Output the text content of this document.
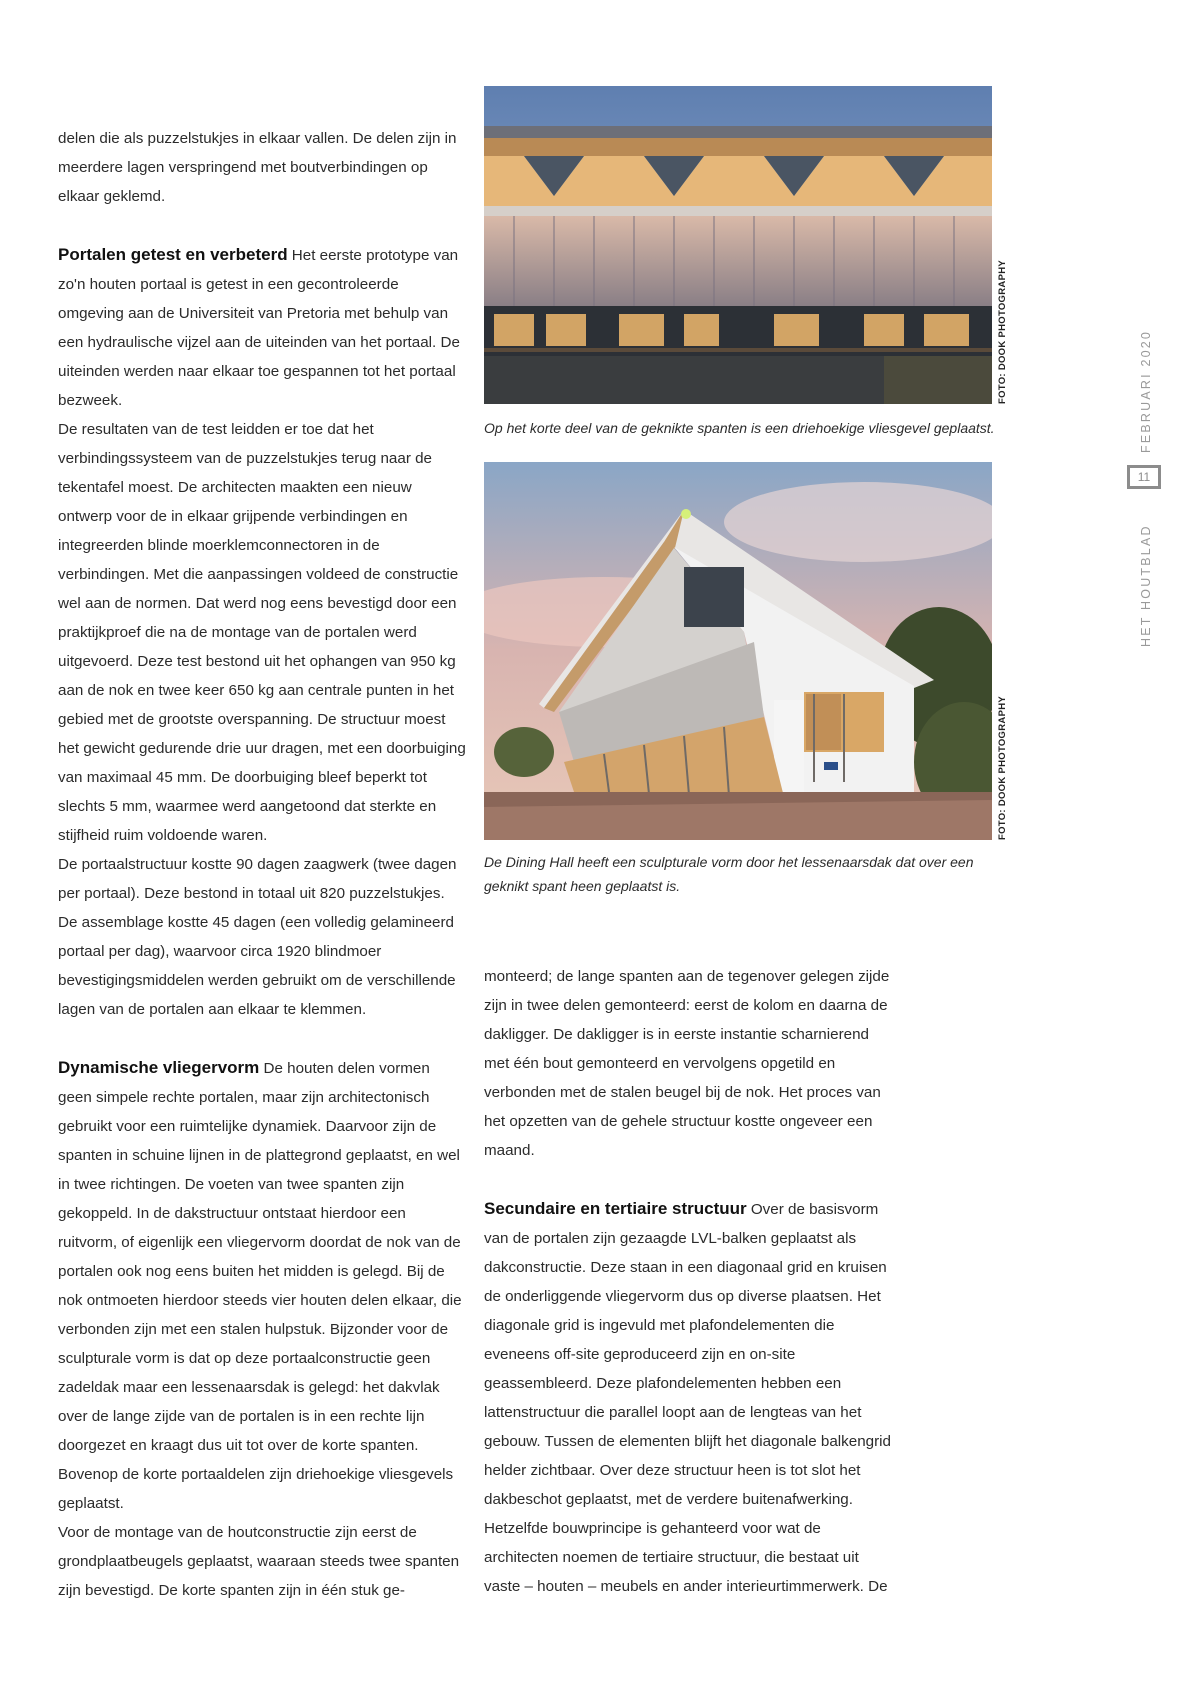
delen die als puzzelstukjes in elkaar vallen. De delen zijn in meerdere lagen verspringend met boutverbindingen op elkaar geklemd.

Portalen getest en verbeterd Het eerste prototype van zo'n houten portaal is getest in een gecontroleerde omgeving aan de Universiteit van Pretoria met behulp van een hydraulische vijzel aan de uiteinden van het portaal. De uiteinden werden naar elkaar toe gespannen tot het portaal bezweek.

De resultaten van de test leidden er toe dat het verbindingssysteem van de puzzelstukjes terug naar de tekentafel moest. De architecten maakten een nieuw ontwerp voor de in elkaar grijpende verbindingen en integreerden blinde moerklemconnectoren in de verbindingen. Met die aanpassingen voldeed de constructie wel aan de normen. Dat werd nog eens bevestigd door een praktijkproef die na de montage van de portalen werd uitgevoerd. Deze test bestond uit het ophangen van 950 kg aan de nok en twee keer 650 kg aan centrale punten in het gebied met de grootste overspanning. De structuur moest het gewicht gedurende drie uur dragen, met een doorbuiging van maximaal 45 mm. De doorbuiging bleef beperkt tot slechts 5 mm, waarmee werd aangetoond dat sterkte en stijfheid ruim voldoende waren.

De portaalstructuur kostte 90 dagen zaagwerk (twee dagen per portaal). Deze bestond in totaal uit 820 puzzelstukjes. De assemblage kostte 45 dagen (een volledig gelamineerd portaal per dag), waarvoor circa 1920 blindmoer bevestigingsmiddelen werden gebruikt om de verschillende lagen van de portalen aan elkaar te klemmen.

Dynamische vliegervorm De houten delen vormen geen simpele rechte portalen, maar zijn architectonisch gebruikt voor een ruimtelijke dynamiek. Daarvoor zijn de spanten in schuine lijnen in de plattegrond geplaatst, en wel in twee richtingen. De voeten van twee spanten zijn gekoppeld. In de dakstructuur ontstaat hierdoor een ruitvorm, of eigenlijk een vliegervorm doordat de nok van de portalen ook nog eens buiten het midden is gelegd. Bij de nok ontmoeten hierdoor steeds vier houten delen elkaar, die verbonden zijn met een stalen hulpstuk. Bijzonder voor de sculpturale vorm is dat op deze portaalconstructie geen zadeldak maar een lessenaarsdak is gelegd: het dakvlak over de lange zijde van de portalen is in een rechte lijn doorgezet en kraagt dus uit tot over de korte spanten. Bovenop de korte portaaldelen zijn driehoekige vliesgevels geplaatst.

Voor de montage van de houtconstructie zijn eerst de grondplaatbeugels geplaatst, waaraan steeds twee spanten zijn bevestigd. De korte spanten zijn in één stuk ge-

FOTO: DOOK PHOTOGRAPHY
Op het korte deel van de geknikte spanten is een driehoekige vliesgevel geplaatst.
FOTO: DOOK PHOTOGRAPHY
De Dining Hall heeft een sculpturale vorm door het lessenaarsdak dat over een geknikt spant heen geplaatst is.

monteerd; de lange spanten aan de tegenover gelegen zijde zijn in twee delen gemonteerd: eerst de kolom en daarna de dakligger. De dakligger is in eerste instantie scharnierend met één bout gemonteerd en vervolgens opgetild en verbonden met de stalen beugel bij de nok. Het proces van het opzetten van de gehele structuur kostte ongeveer een maand.

Secundaire en tertiaire structuur Over de basisvorm van de portalen zijn gezaagde LVL-balken geplaatst als dakconstructie. Deze staan in een diagonaal grid en kruisen de onderliggende vliegervorm dus op diverse plaatsen. Het diagonale grid is ingevuld met plafondelementen die eveneens off-site geproduceerd zijn en on-site geassembleerd. Deze plafondelementen hebben een lattenstructuur die parallel loopt aan de lengteas van het gebouw. Tussen de elementen blijft het diagonale balkengrid helder zichtbaar. Over deze structuur heen is tot slot het dakbeschot geplaatst, met de verdere buitenafwerking.

Hetzelfde bouwprincipe is gehanteerd voor wat de architecten noemen de tertiaire structuur, die bestaat uit vaste – houten – meubels en ander interieurtimmerwerk. De

HET HOUTBLADFEBRUARI 2020
11
